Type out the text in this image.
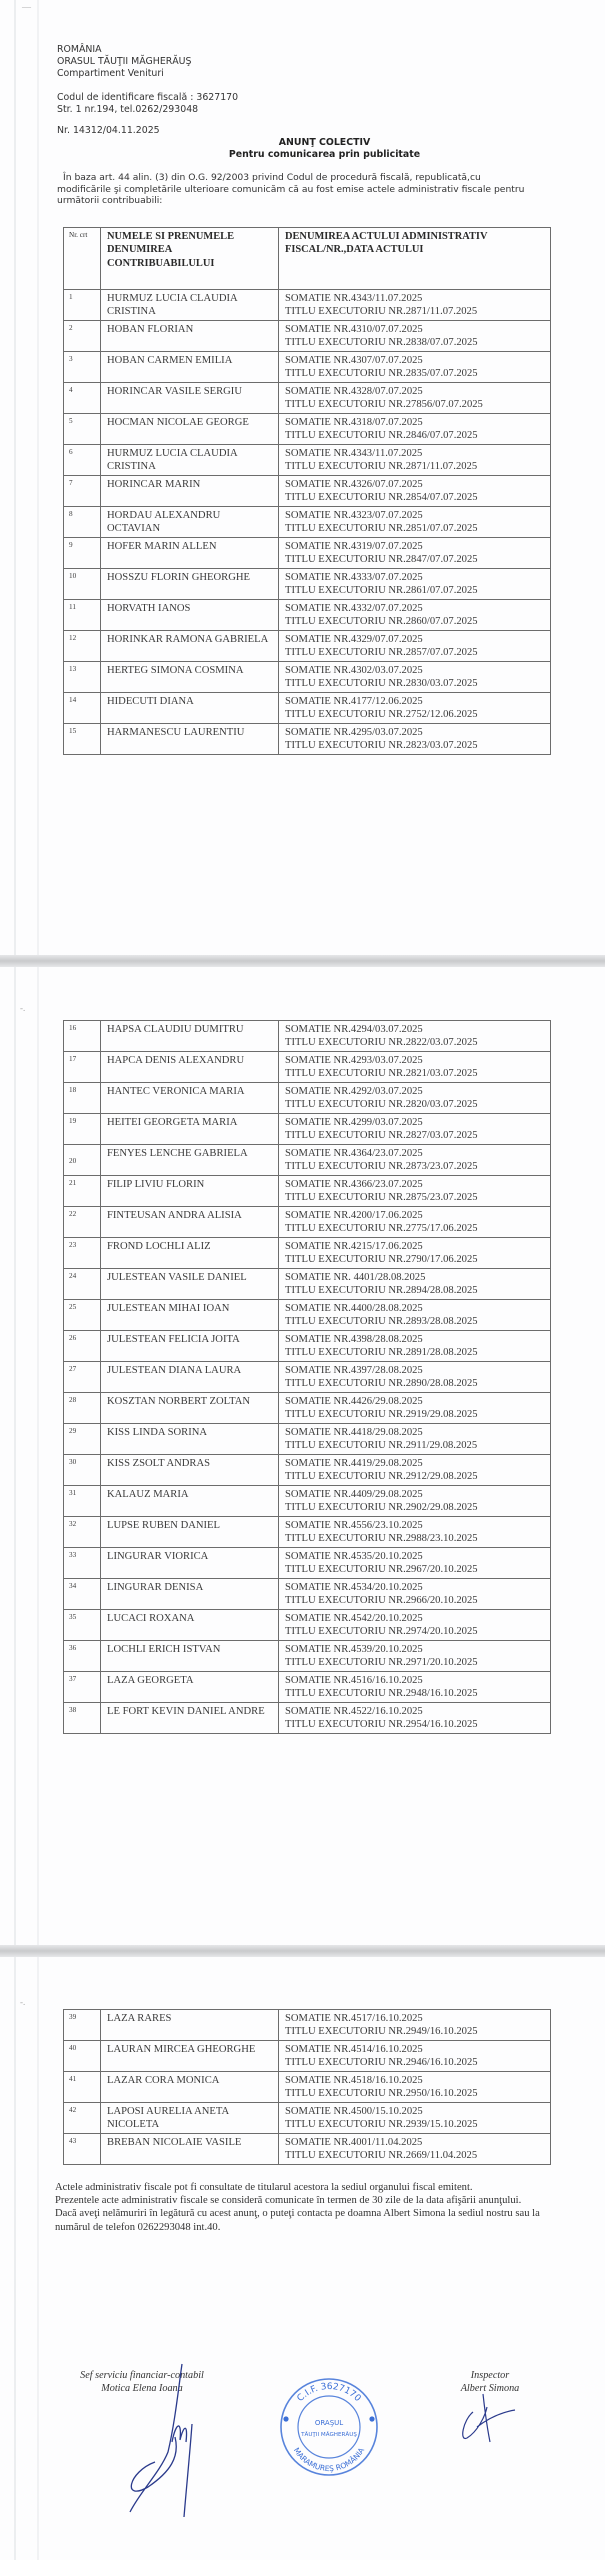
—
ROMÂNIA
ORASUL TĂUŢII MĂGHERĂUŞ
Compartiment Venituri
Codul de identificare fiscală : 3627170
Str. 1 nr.194, tel.0262/293048
Nr. 14312/04.11.2025
ANUNŢ COLECTIV
Pentru comunicarea prin publicitate
În baza art. 44 alin. (3) din O.G. 92/2003 privind Codul de procedură fiscală, republicată,cu modificările şi completările ulterioare comunicăm că au fost emise actele administrativ fiscale pentru următorii contribuabili:
Nr. crt	NUMELE SI PRENUMELE DENUMIREA CONTRIBUABILULUI	DENUMIREA ACTULUI ADMINISTRATIV FISCAL/NR.,DATA ACTULUI
1	HURMUZ LUCIA CLAUDIA CRISTINA	SOMATIE NR.4343/11.07.2025
TITLU EXECUTORIU NR.2871/11.07.2025

2	HOBAN FLORIAN	SOMATIE NR.4310/07.07.2025
TITLU EXECUTORIU NR.2838/07.07.2025

3	HOBAN CARMEN EMILIA	SOMATIE NR.4307/07.07.2025
TITLU EXECUTORIU NR.2835/07.07.2025

4	HORINCAR VASILE SERGIU	SOMATIE NR.4328/07.07.2025
TITLU EXECUTORIU NR.27856/07.07.2025

5	HOCMAN NICOLAE GEORGE	SOMATIE NR.4318/07.07.2025
TITLU EXECUTORIU NR.2846/07.07.2025

6	HURMUZ LUCIA CLAUDIA CRISTINA	SOMATIE NR.4343/11.07.2025
TITLU EXECUTORIU NR.2871/11.07.2025

7	HORINCAR MARIN	SOMATIE NR.4326/07.07.2025
TITLU EXECUTORIU NR.2854/07.07.2025

8	HORDAU ALEXANDRU OCTAVIAN	SOMATIE NR.4323/07.07.2025
TITLU EXECUTORIU NR.2851/07.07.2025

9	HOFER MARIN ALLEN	SOMATIE NR.4319/07.07.2025
TITLU EXECUTORIU NR.2847/07.07.2025

10	HOSSZU FLORIN GHEORGHE	SOMATIE NR.4333/07.07.2025
TITLU EXECUTORIU NR.2861/07.07.2025

11	HORVATH IANOS	SOMATIE NR.4332/07.07.2025
TITLU EXECUTORIU NR.2860/07.07.2025

12	HORINKAR RAMONA GABRIELA	SOMATIE NR.4329/07.07.2025
TITLU EXECUTORIU NR.2857/07.07.2025

13	HERTEG SIMONA COSMINA	SOMATIE NR.4302/03.07.2025
TITLU EXECUTORIU NR.2830/03.07.2025

14	HIDECUTI DIANA	SOMATIE NR.4177/12.06.2025
TITLU EXECUTORIU NR.2752/12.06.2025

15	HARMANESCU LAURENTIU	SOMATIE NR.4295/03.07.2025
TITLU EXECUTORIU NR.2823/03.07.2025
-.
16	HAPSA CLAUDIU DUMITRU	SOMATIE NR.4294/03.07.2025
TITLU EXECUTORIU NR.2822/03.07.2025

17	HAPCA DENIS ALEXANDRU	SOMATIE NR.4293/03.07.2025
TITLU EXECUTORIU NR.2821/03.07.2025

18	HANTEC VERONICA MARIA	SOMATIE NR.4292/03.07.2025
TITLU EXECUTORIU NR.2820/03.07.2025

19	HEITEI GEORGETA MARIA	SOMATIE NR.4299/03.07.2025
TITLU EXECUTORIU NR.2827/03.07.2025

20	FENYES LENCHE GABRIELA	SOMATIE NR.4364/23.07.2025
TITLU EXECUTORIU NR.2873/23.07.2025

21	FILIP LIVIU FLORIN	SOMATIE NR.4366/23.07.2025
TITLU EXECUTORIU NR.2875/23.07.2025

22	FINTEUSAN ANDRA ALISIA	SOMATIE NR.4200/17.06.2025
TITLU EXECUTORIU NR.2775/17.06.2025

23	FROND LOCHLI ALIZ	SOMATIE NR.4215/17.06.2025
TITLU EXECUTORIU NR.2790/17.06.2025

24	JULESTEAN VASILE DANIEL	SOMATIE NR. 4401/28.08.2025
TITLU EXECUTORIU NR.2894/28.08.2025

25	JULESTEAN MIHAI IOAN	SOMATIE NR.4400/28.08.2025
TITLU EXECUTORIU NR.2893/28.08.2025

26	JULESTEAN FELICIA JOITA	SOMATIE NR.4398/28.08.2025
TITLU EXECUTORIU NR.2891/28.08.2025

27	JULESTEAN DIANA LAURA	SOMATIE NR.4397/28.08.2025
TITLU EXECUTORIU NR.2890/28.08.2025

28	KOSZTAN NORBERT ZOLTAN	SOMATIE NR.4426/29.08.2025
TITLU EXECUTORIU NR.2919/29.08.2025

29	KISS LINDA SORINA	SOMATIE NR.4418/29.08.2025
TITLU EXECUTORIU NR.2911/29.08.2025

30	KISS ZSOLT ANDRAS	SOMATIE NR.4419/29.08.2025
TITLU EXECUTORIU NR.2912/29.08.2025

31	KALAUZ MARIA	SOMATIE NR.4409/29.08.2025
TITLU EXECUTORIU NR.2902/29.08.2025

32	LUPSE RUBEN DANIEL	SOMATIE NR.4556/23.10.2025
TITLU EXECUTORIU NR.2988/23.10.2025

33	LINGURAR VIORICA	SOMATIE NR.4535/20.10.2025
TITLU EXECUTORIU NR.2967/20.10.2025

34	LINGURAR DENISA	SOMATIE NR.4534/20.10.2025
TITLU EXECUTORIU NR.2966/20.10.2025

35	LUCACI ROXANA	SOMATIE NR.4542/20.10.2025
TITLU EXECUTORIU NR.2974/20.10.2025

36	LOCHLI ERICH ISTVAN	SOMATIE NR.4539/20.10.2025
TITLU EXECUTORIU NR.2971/20.10.2025

37	LAZA GEORGETA	SOMATIE NR.4516/16.10.2025
TITLU EXECUTORIU NR.2948/16.10.2025

38	LE FORT KEVIN DANIEL ANDRE	SOMATIE NR.4522/16.10.2025
TITLU EXECUTORIU NR.2954/16.10.2025
-.
39	LAZA RARES	SOMATIE NR.4517/16.10.2025
TITLU EXECUTORIU NR.2949/16.10.2025

40	LAURAN MIRCEA GHEORGHE	SOMATIE NR.4514/16.10.2025
TITLU EXECUTORIU NR.2946/16.10.2025

41	LAZAR CORA MONICA	SOMATIE NR.4518/16.10.2025
TITLU EXECUTORIU NR.2950/16.10.2025

42	LAPOSI AURELIA ANETA NICOLETA	SOMATIE NR.4500/15.10.2025
TITLU EXECUTORIU NR.2939/15.10.2025

43	BREBAN NICOLAIE VASILE	SOMATIE NR.4001/11.04.2025
TITLU EXECUTORIU NR.2669/11.04.2025
Actele administrativ fiscale pot fi consultate de titularul acestora la sediul organului fiscal emitent.
Prezentele acte administrativ fiscale se consideră comunicate în termen de 30 zile de la data afişării anunţului.
Dacă aveţi nelămuriri în legătură cu acest anunţ, o puteţi contacta pe doamna Albert Simona la sediul nostru sau la numărul de telefon 0262293048 int.40.
Sef serviciu financiar-contabil
Motica Elena Ioana
C.I.F. 3627170
ORAŞUL
TĂUŢII MĂGHERĂUŞ
MARAMUREŞ ROMÂNIA
Inspector
Albert Simona
